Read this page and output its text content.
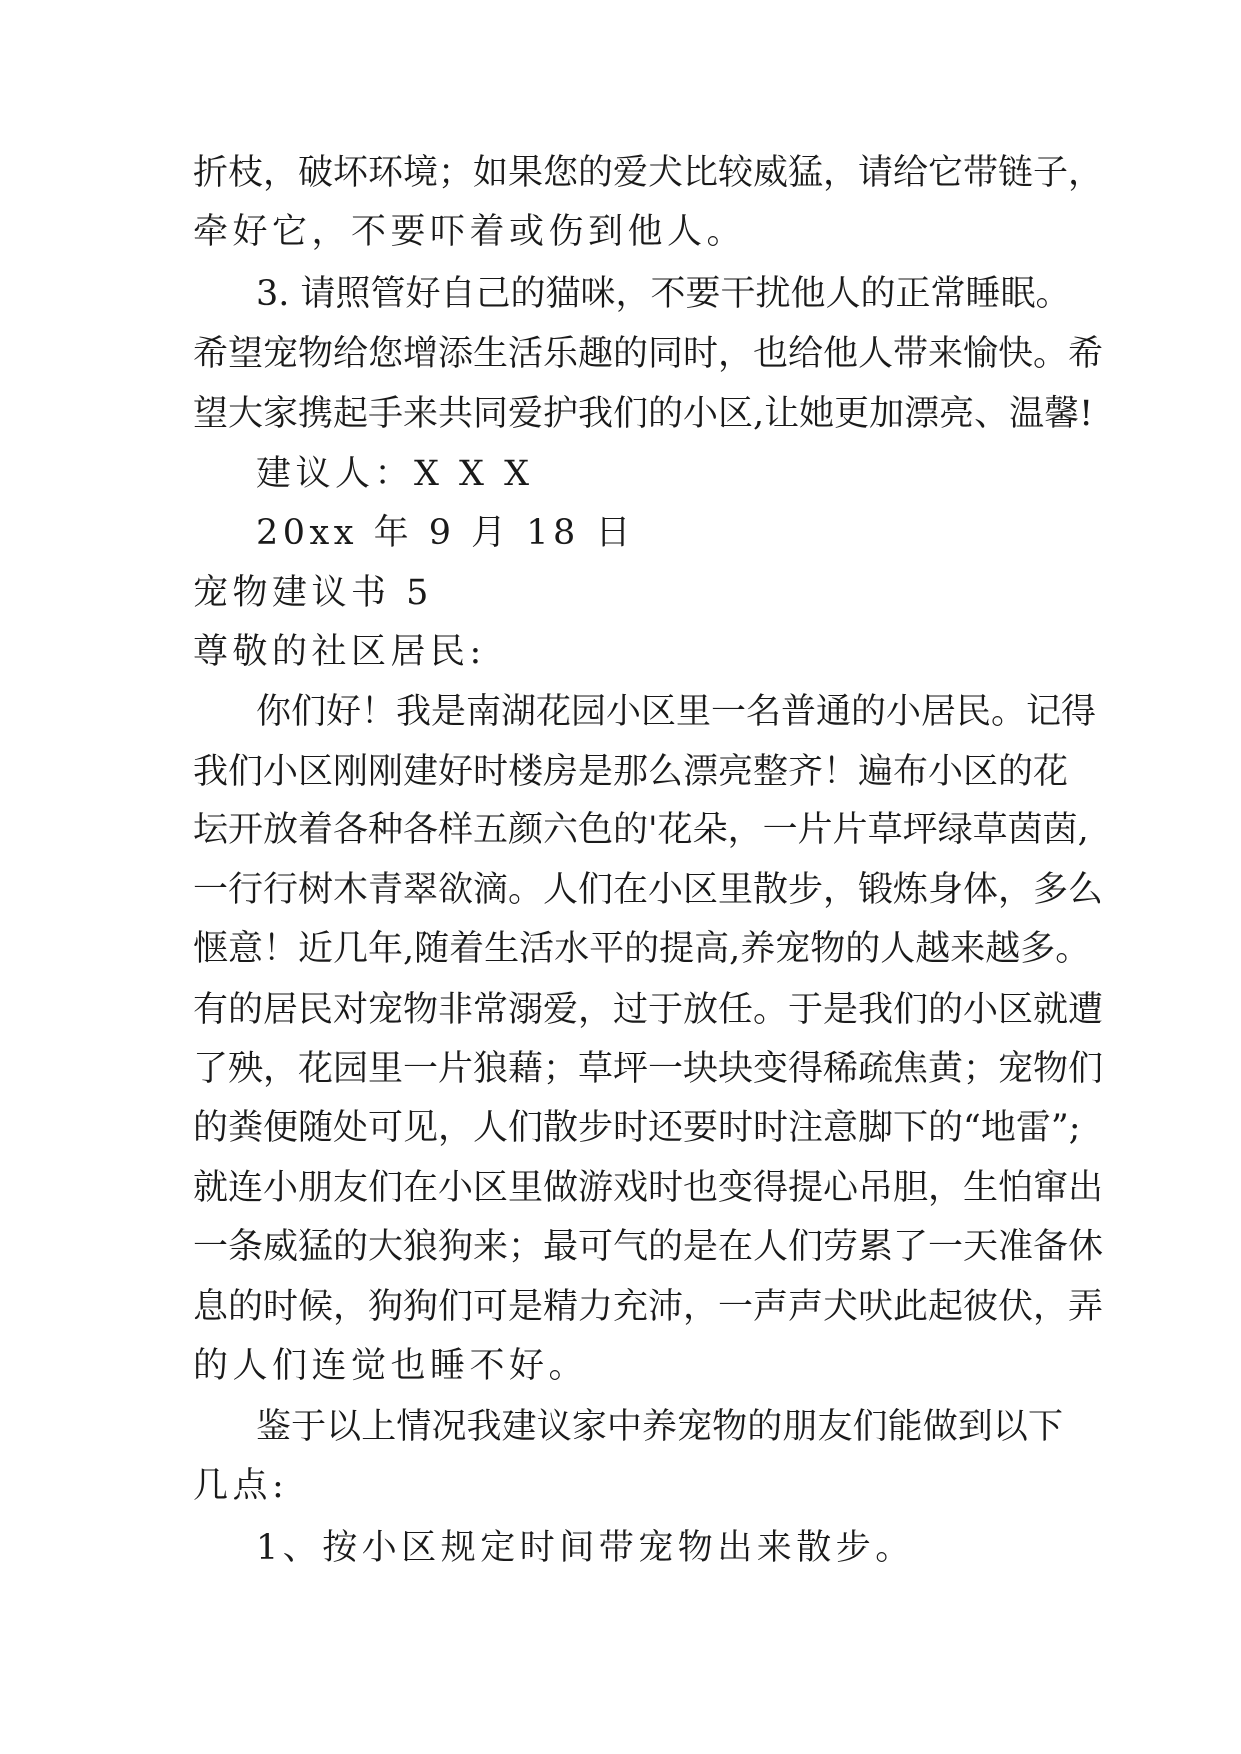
折枝，破坏环境；如果您的爱犬比较威猛，请给它带链子，
牵好它，不要吓着或伤到他人。
3. 请照管好自己的猫咪，不要干扰他人的正常睡眠。
希望宠物给您增添生活乐趣的同时，也给他人带来愉快。希
望大家携起手来共同爱护我们的小区,让她更加漂亮、温馨!
建议人：X X X
20xx 年 9 月 18 日
宠物建议书 5
尊敬的社区居民:
你们好！我是南湖花园小区里一名普通的小居民。记得
我们小区刚刚建好时楼房是那么漂亮整齐！遍布小区的花
坛开放着各种各样五颜六色的'花朵，一片片草坪绿草茵茵,
一行行树木青翠欲滴。人们在小区里散步，锻炼身体，多么
惬意！近几年,随着生活水平的提高,养宠物的人越来越多。
有的居民对宠物非常溺爱，过于放任。于是我们的小区就遭
了殃，花园里一片狼藉；草坪一块块变得稀疏焦黄；宠物们
的粪便随处可见，人们散步时还要时时注意脚下的“地雷”;
就连小朋友们在小区里做游戏时也变得提心吊胆，生怕窜出
一条威猛的大狼狗来；最可气的是在人们劳累了一天准备休
息的时候，狗狗们可是精力充沛，一声声犬吠此起彼伏，弄
的人们连觉也睡不好。
鉴于以上情况我建议家中养宠物的朋友们能做到以下
几点:
1、按小区规定时间带宠物出来散步。
